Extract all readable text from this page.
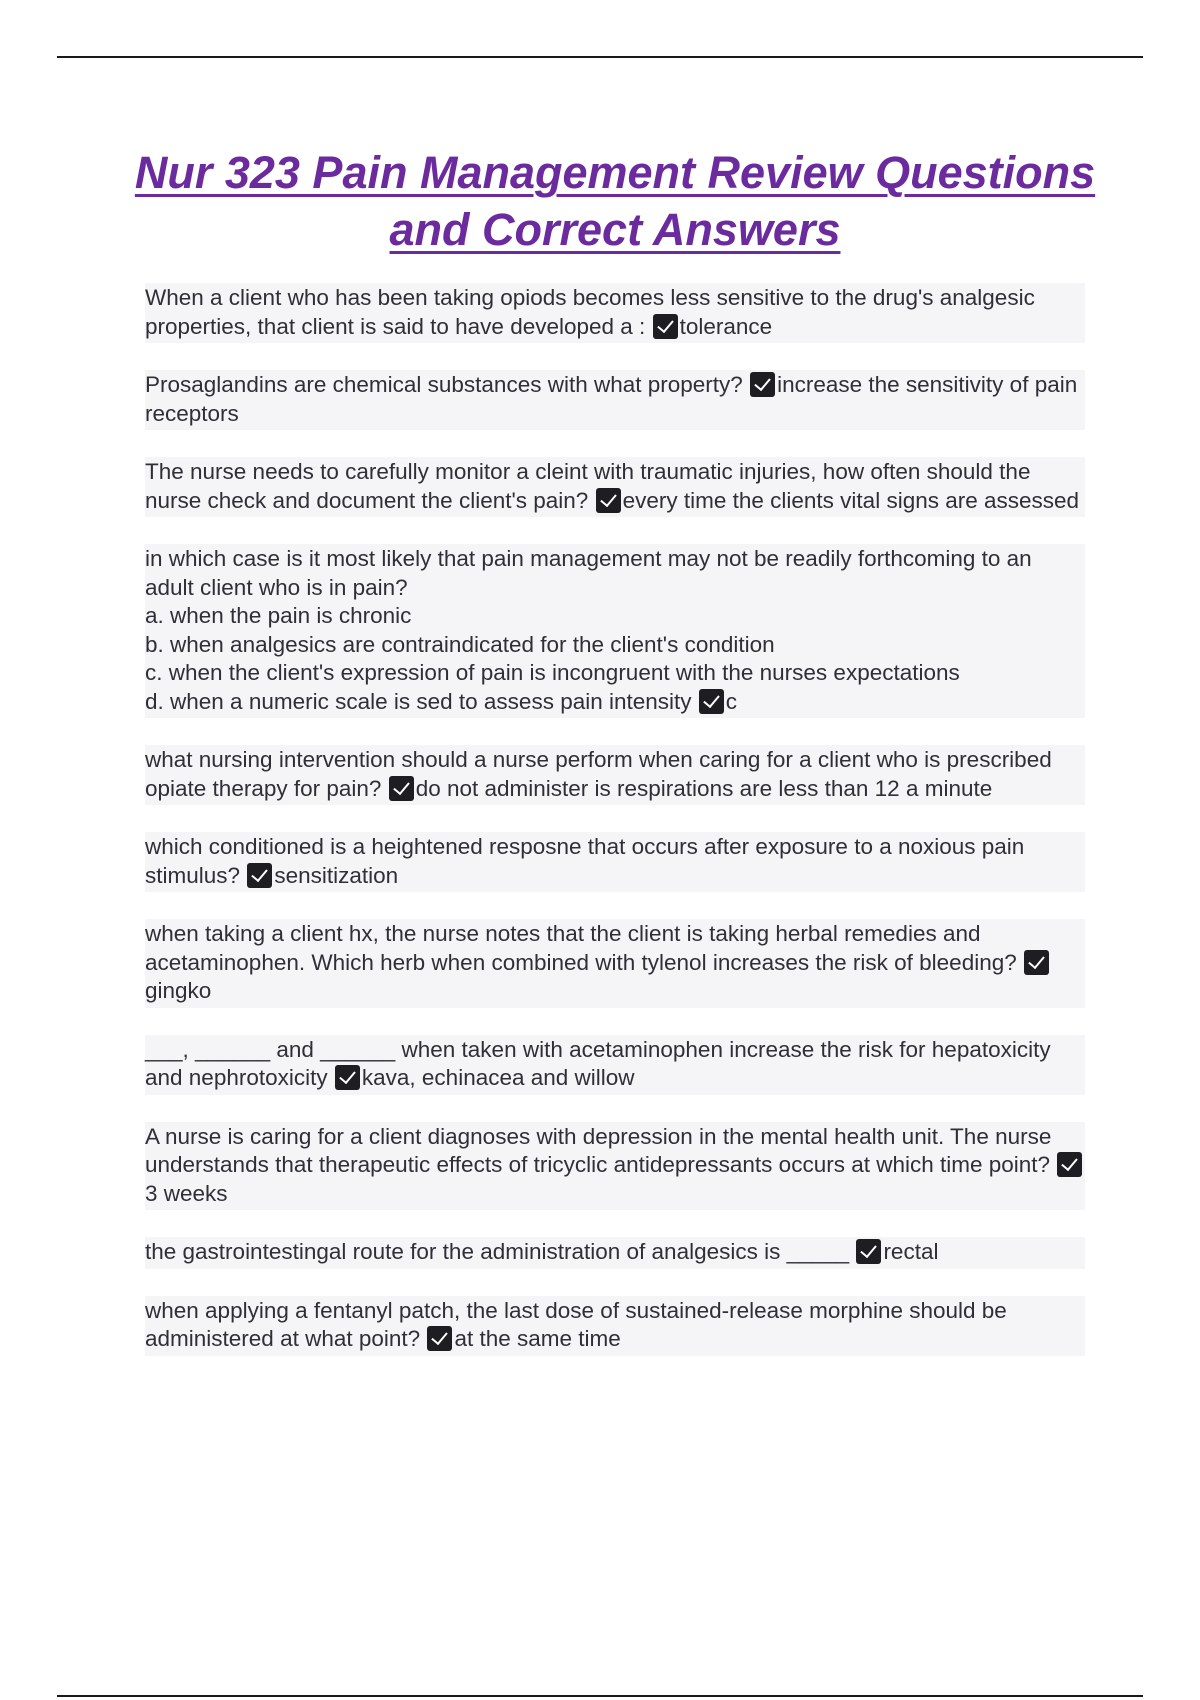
Nur 323 Pain Management Review Questions and Correct Answers
When a client who has been taking opiods becomes less sensitive to the drug's analgesic properties, that client is said to have developed a : tolerance
Prosaglandins are chemical substances with what property? increase the sensitivity of pain receptors
The nurse needs to carefully monitor a cleint with traumatic injuries, how often should the nurse check and document the client's pain? every time the clients vital signs are assessed
in which case is it most likely that pain management may not be readily forthcoming to an adult client who is in pain?
a. when the pain is chronic
b. when analgesics are contraindicated for the client's condition
c. when the client's expression of pain is incongruent with the nurses expectations
d. when a numeric scale is sed to assess pain intensity c
what nursing intervention should a nurse perform when caring for a client who is prescribed opiate therapy for pain? do not administer is respirations are less than 12 a minute
which conditioned is a heightened resposne that occurs after exposure to a noxious pain stimulus? sensitization
when taking a client hx, the nurse notes that the client is taking herbal remedies and acetaminophen. Which herb when combined with tylenol increases the risk of bleeding? gingko
___, ______ and ______ when taken with acetaminophen increase the risk for hepatoxicity and nephrotoxicity kava, echinacea and willow
A nurse is caring for a client diagnoses with depression in the mental health unit. The nurse understands that therapeutic effects of tricyclic antidepressants occurs at which time point? 3 weeks
the gastrointestingal route for the administration of analgesics is _____ rectal
when applying a fentanyl patch, the last dose of sustained-release morphine should be administered at what point? at the same time
